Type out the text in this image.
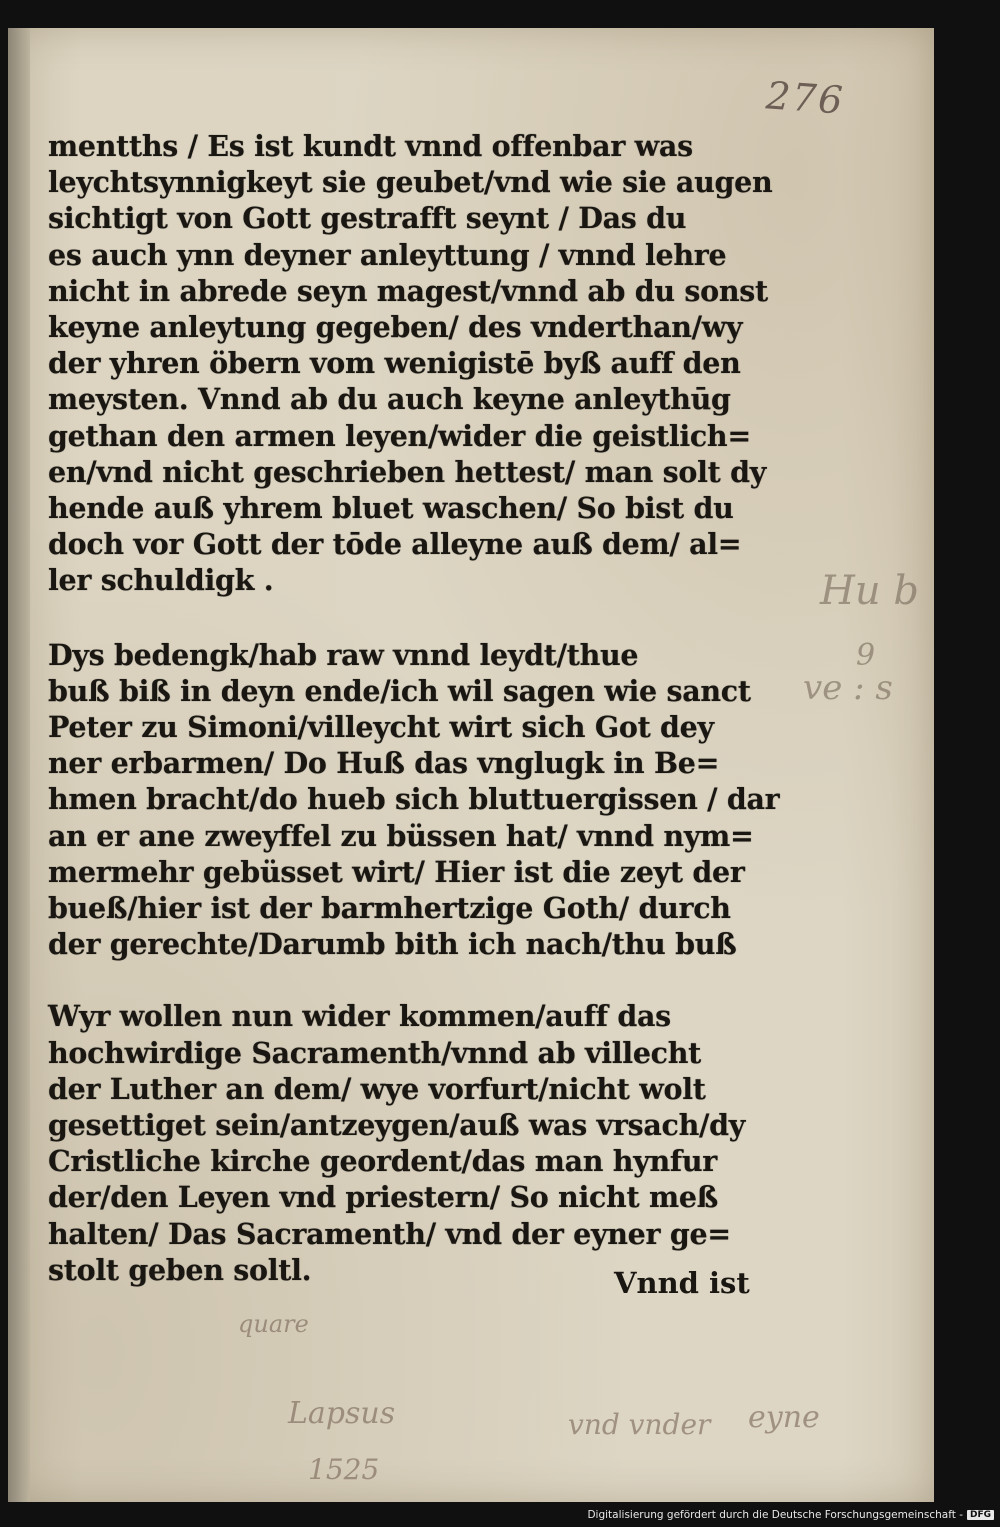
276
mentths / Es ist kundt vnnd offenbar was
leychtsynnigkeyt sie geubet/vnd wie sie augen
sichtigt von Gott gestrafft seynt / Das du
es auch ynn deyner anleyttung / vnnd lehre
nicht in abrede seyn magest/vnnd ab du sonst
keyne anleytung gegeben/ des vnderthan/wy
der yhren öbern vom wenigistē byß auff den
meysten. Vnnd ab du auch keyne anleythūg
gethan den armen leyen/wider die geistlich=
en/vnd nicht geschrieben hettest/ man solt dy
hende auß yhrem bluet waschen/ So bist du
doch vor Gott der tōde alleyne auß dem/ al=
ler schuldigk .
Dys bedengk/hab raw vnnd leydt/thue
buß biß in deyn ende/ich wil sagen wie sanct
Peter zu Simoni/villeycht wirt sich Got dey
ner erbarmen/ Do Huß das vnglugk in Be=
hmen bracht/do hueb sich bluttuergissen / dar
an er ane zweyffel zu büssen hat/ vnnd nym=
mermehr gebüsset wirt/ Hier ist die zeyt der
bueß/hier ist der barmhertzige Goth/ durch
der gerechte/Darumb bith ich nach/thu buß
Wyr wollen nun wider kommen/auff das
hochwirdige Sacramenth/vnnd ab villecht
der Luther an dem/ wye vorfurt/nicht wolt
gesettiget sein/antzeygen/auß was vrsach/dy
Cristliche kirche geordent/das man hynfur
der/den Leyen vnd priestern/ So nicht meß
halten/ Das Sacramenth/ vnd der eyner ge=
stolt geben soltl.	Vnnd ist
Hu b
9
ve : s
quare
Lapsus	vnd vnder eyne
1525
Digitalisierung gefördert durch die Deutsche Forschungsgemeinschaft - DFG
